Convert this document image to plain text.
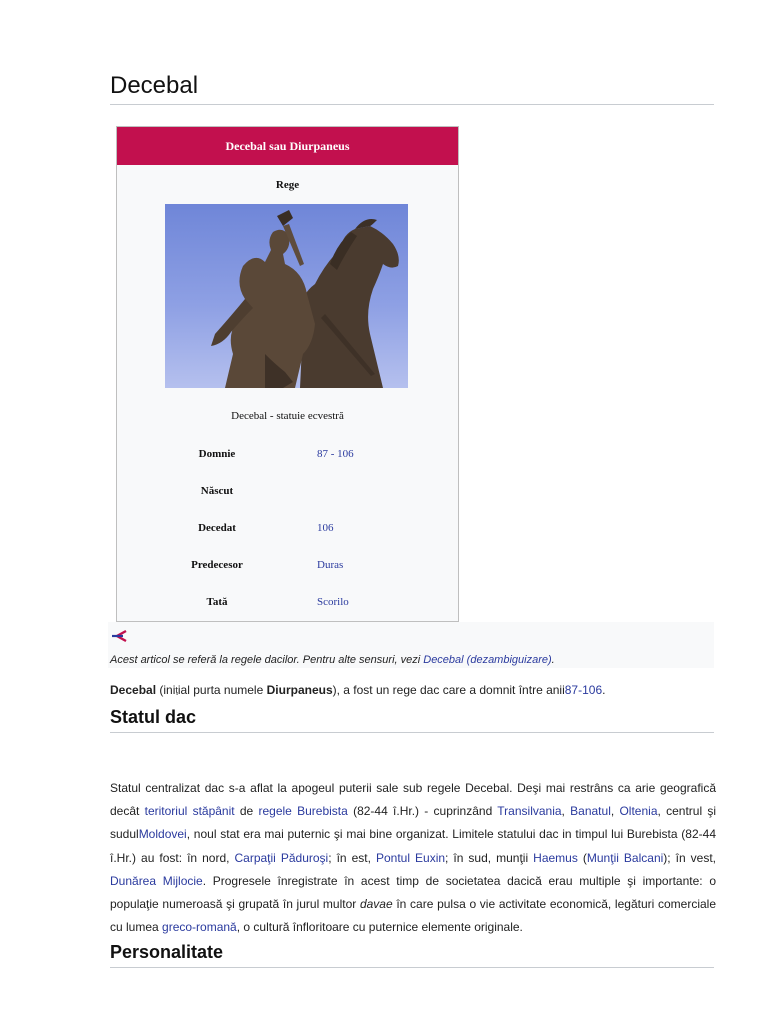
Decebal
Decebal sau Diurpaneus
Rege
Decebal - statuie ecvestră
Domnie	87 - 106
Născut
Decedat	106
Predecesor	Duras
Tată	Scorilo
Acest articol se referă la regele dacilor. Pentru alte sensuri, vezi Decebal (dezambiguizare).
Decebal (iniţial purta numele Diurpaneus), a fost un rege dac care a domnit între anii87-106.
Statul dac
Statul centralizat dac s-a aflat la apogeul puterii sale sub regele Decebal. Deşi mai restrâns ca arie geografică decât teritoriul stăpânit de regele Burebista (82-44 î.Hr.) - cuprinzând Transilvania, Banatul, Oltenia, centrul şi sudulMoldovei, noul stat era mai puternic şi mai bine organizat. Limitele statului dac in timpul lui Burebista (82-44 î.Hr.) au fost: în nord, Carpaţii Păduroşi; în est, Pontul Euxin; în sud, munţii Haemus (Munţii Balcani); în vest, Dunărea Mijlocie. Progresele înregistrate în acest timp de societatea dacică erau multiple şi importante: o populaţie numeroasă şi grupată în jurul multor davae în care pulsa o vie activitate economică, legături comerciale cu lumea greco-romană, o cultură înfloritoare cu puternice elemente originale.
Personalitate
